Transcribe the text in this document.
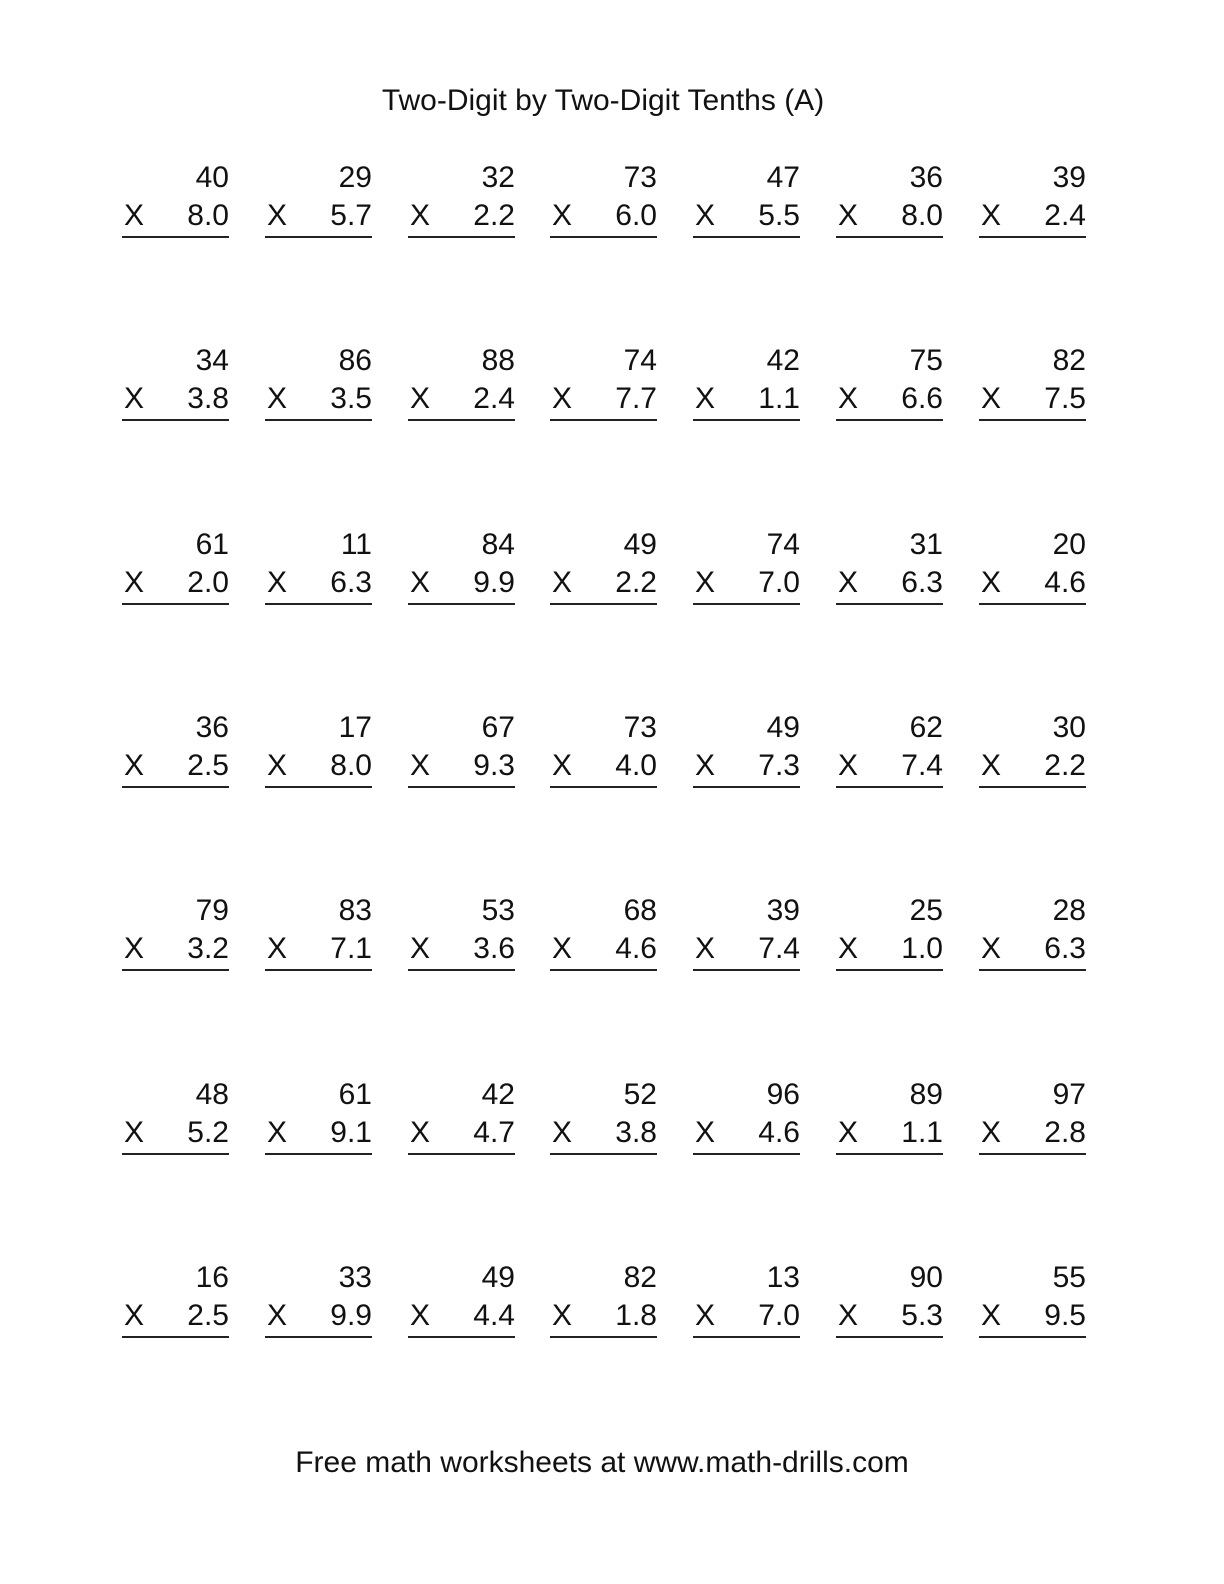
Two-Digit by Two-Digit Tenths (A)
40
X 8.0
29
X 5.7
32
X 2.2
73
X 6.0
47
X 5.5
36
X 8.0
39
X 2.4
34
X 3.8
86
X 3.5
88
X 2.4
74
X 7.7
42
X 1.1
75
X 6.6
82
X 7.5
61
X 2.0
11
X 6.3
84
X 9.9
49
X 2.2
74
X 7.0
31
X 6.3
20
X 4.6
36
X 2.5
17
X 8.0
67
X 9.3
73
X 4.0
49
X 7.3
62
X 7.4
30
X 2.2
79
X 3.2
83
X 7.1
53
X 3.6
68
X 4.6
39
X 7.4
25
X 1.0
28
X 6.3
48
X 5.2
61
X 9.1
42
X 4.7
52
X 3.8
96
X 4.6
89
X 1.1
97
X 2.8
16
X 2.5
33
X 9.9
49
X 4.4
82
X 1.8
13
X 7.0
90
X 5.3
55
X 9.5
Free math worksheets at www.math-drills.com
